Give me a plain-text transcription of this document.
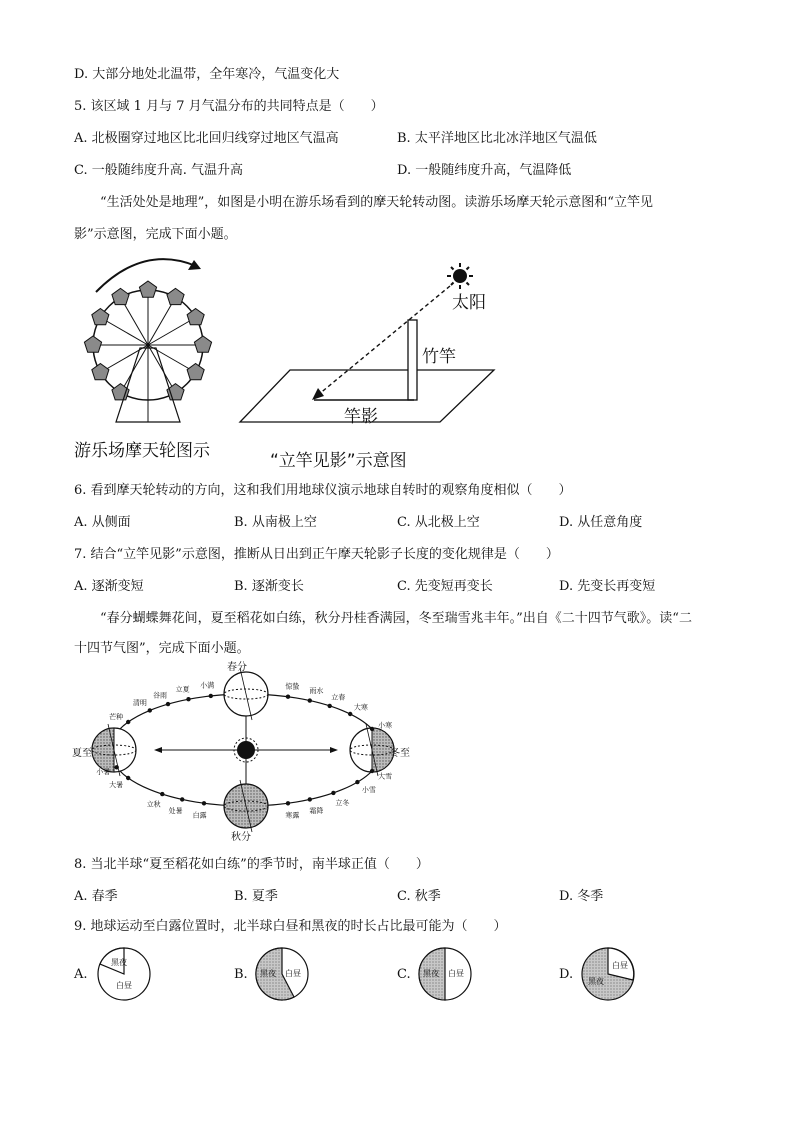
D. 大部分地处北温带，全年寒冷，气温变化大
5. 该区域 1 月与 7 月气温分布的共同特点是（　　）
A. 北极圈穿过地区比北回归线穿过地区气温高	B. 太平洋地区比北冰洋地区气温低
C. 一般随纬度升高. 气温升高	D. 一般随纬度升高，气温降低
“生活处处是地理”，如图是小明在游乐场看到的摩天轮转动图。读游乐场摩天轮示意图和“立竿见
影”示意图，完成下面小题。
游乐场摩天轮图示
太阳
竹竿
竿影
“立竿见影”示意图
6. 看到摩天轮转动的方向，这和我们用地球仪演示地球自转时的观察角度相似（　　）
A. 从侧面	B. 从南极上空	C. 从北极上空	D. 从任意角度
7. 结合“立竿见影”示意图，推断从日出到正午摩天轮影子长度的变化规律是（　　）
A. 逐渐变短	B. 逐渐变长	C. 先变短再变长	D. 先变长再变短
“春分蝴蝶舞花间，夏至稻花如白练，秋分丹桂香满园，冬至瑞雪兆丰年。”出自《二十四节气歌》。读“二
十四节气图”，完成下面小题。
小满
立夏
谷雨
清明
芒种
惊蛰
雨水
立春
大寒
小寒
大雪
小雪
立冬
霜降
寒露
白露
处暑
立秋
大暑
小暑
春分
夏至
秋分
冬至
8. 当北半球“夏至稻花如白练”的季节时，南半球正值（　　）
A. 春季	B. 夏季	C. 秋季	D. 冬季
9. 地球运动至白露位置时，北半球白昼和黑夜的时长占比最可能为（　　）
A.
黑夜
白昼
B. 黑夜 白昼	C. 黑夜 白昼	D.
白昼
黑夜
